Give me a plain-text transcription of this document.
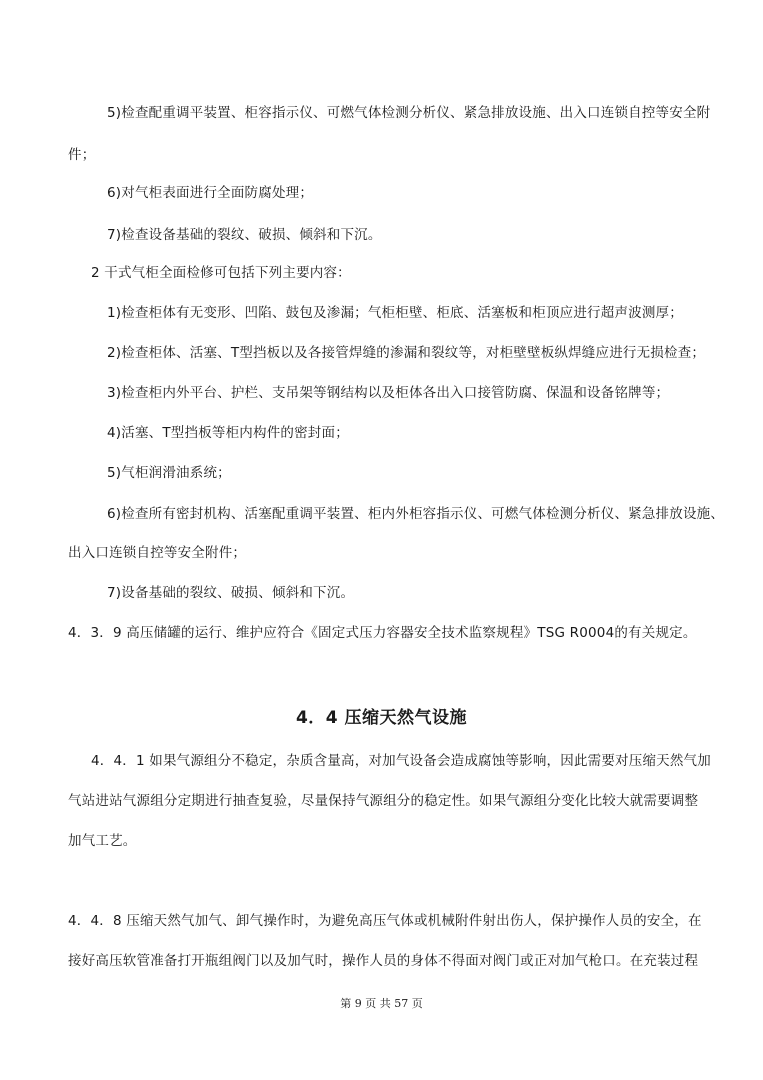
5)检查配重调平装置、柜容指示仪、可燃气体检测分析仪、紧急排放设施、出入口连锁自控等安全附
件；
6)对气柜表面进行全面防腐处理；
7)检查设备基础的裂纹、破损、倾斜和下沉。
2 干式气柜全面检修可包括下列主要内容：
1)检查柜体有无变形、凹陷、鼓包及渗漏；气柜柜壁、柜底、活塞板和柜顶应进行超声波测厚；
2)检查柜体、活塞、T型挡板以及各接管焊缝的渗漏和裂纹等，对柜壁壁板纵焊缝应进行无损检查；
3)检查柜内外平台、护栏、支吊架等钢结构以及柜体各出入口接管防腐、保温和设备铭牌等；
4)活塞、T型挡板等柜内构件的密封面；
5)气柜润滑油系统；
6)检查所有密封机构、活塞配重调平装置、柜内外柜容指示仪、可燃气体检测分析仪、紧急排放设施、
出入口连锁自控等安全附件；
7)设备基础的裂纹、破损、倾斜和下沉。
4．3．9 高压储罐的运行、维护应符合《固定式压力容器安全技术监察规程》TSG R0004的有关规定。
4．4 压缩天然气设施
4．4．1 如果气源组分不稳定，杂质含量高，对加气设备会造成腐蚀等影响，因此需要对压缩天然气加
气站进站气源组分定期进行抽查复验，尽量保持气源组分的稳定性。如果气源组分变化比较大就需要调整
加气工艺。
4．4．8 压缩天然气加气、卸气操作时，为避免高压气体或机械附件射出伤人，保护操作人员的安全，在
接好高压软管准备打开瓶组阀门以及加气时，操作人员的身体不得面对阀门或正对加气枪口。在充装过程
第 9 页 共 57 页
